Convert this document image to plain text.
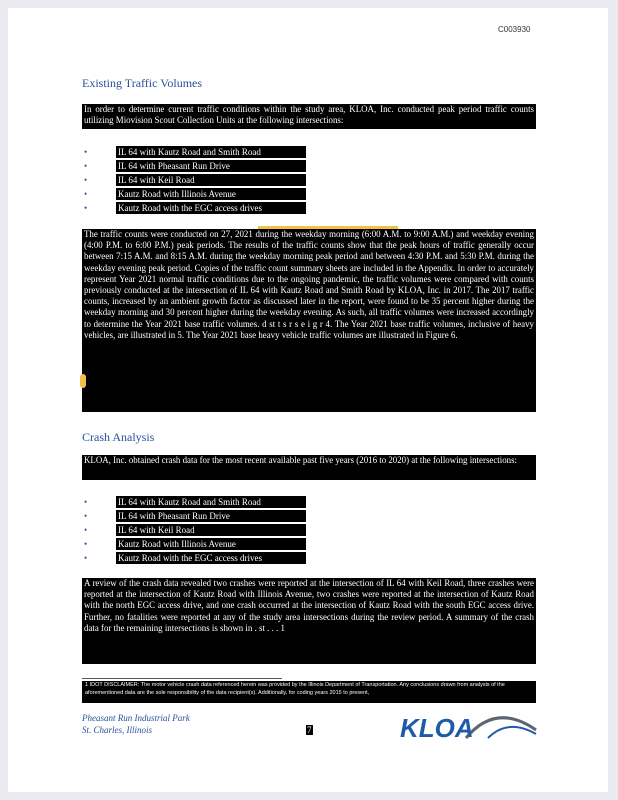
C003930
Existing Traffic Volumes
In order to determine current traffic conditions within the study area, KLOA, Inc. conducted peak period traffic counts utilizing Miovision Scout Collection Units at the following intersections:
•	IL 64 with Kautz Road and Smith Road
•	IL 64 with Pheasant Run Drive
•	IL 64 with Keil Road
•	Kautz Road with Illinois Avenue
•	Kautz Road with the EGC access drives
The traffic counts were conducted on 27, 2021 during the weekday morning (6:00 A.M. to 9:00 A.M.) and weekday evening (4:00 P.M. to 6:00 P.M.) peak periods. The results of the traffic counts show that the peak hours of traffic generally occur between 7:15 A.M. and 8:15 A.M. during the weekday morning peak period and between 4:30 P.M. and 5:30 P.M. during the weekday evening peak period. Copies of the traffic count summary sheets are included in the Appendix. In order to accurately represent Year 2021 normal traffic conditions due to the ongoing pandemic, the traffic volumes were compared with counts previously conducted at the intersection of IL 64 with Kautz Road and Smith Road by KLOA, Inc. in 2017. The 2017 traffic counts, increased by an ambient growth factor as discussed later in the report, were found to be 35 percent higher during the weekday morning and 30 percent higher during the weekday evening. As such, all traffic volumes were increased accordingly to determine the Year 2021 base traffic volumes. d st t s r s e i g r 4. The Year 2021 base traffic volumes, inclusive of heavy vehicles, are illustrated in 5. The Year 2021 base heavy vehicle traffic volumes are illustrated in Figure 6.
Crash Analysis
KLOA, Inc. obtained crash data for the most recent available past five years (2016 to 2020) at the following intersections:
•	IL 64 with Kautz Road and Smith Road
•	IL 64 with Pheasant Run Drive
•	IL 64 with Keil Road
•	Kautz Road with Illinois Avenue
•	Kautz Road with the EGC access drives
A review of the crash data revealed two crashes were reported at the intersection of IL 64 with Keil Road, three crashes were reported at the intersection of Kautz Road with Illinois Avenue, two crashes were reported at the intersection of Kautz Road with the north EGC access drive, and one crash occurred at the intersection of Kautz Road with the south EGC access drive. Further, no fatalities were reported at any of the study area intersections during the review period. A summary of the crash data for the remaining intersections is shown in . st . . . 1
1 IDOT DISCLAIMER: The motor vehicle crash data referenced herein was provided by the Illinois Department of Transportation. Any conclusions drawn from analysis of the aforementioned data are the sole responsibility of the data recipient(s). Additionally, for coding years 2015 to present,
Pheasant Run Industrial Park
St. Charles, Illinois	7	KLOA
